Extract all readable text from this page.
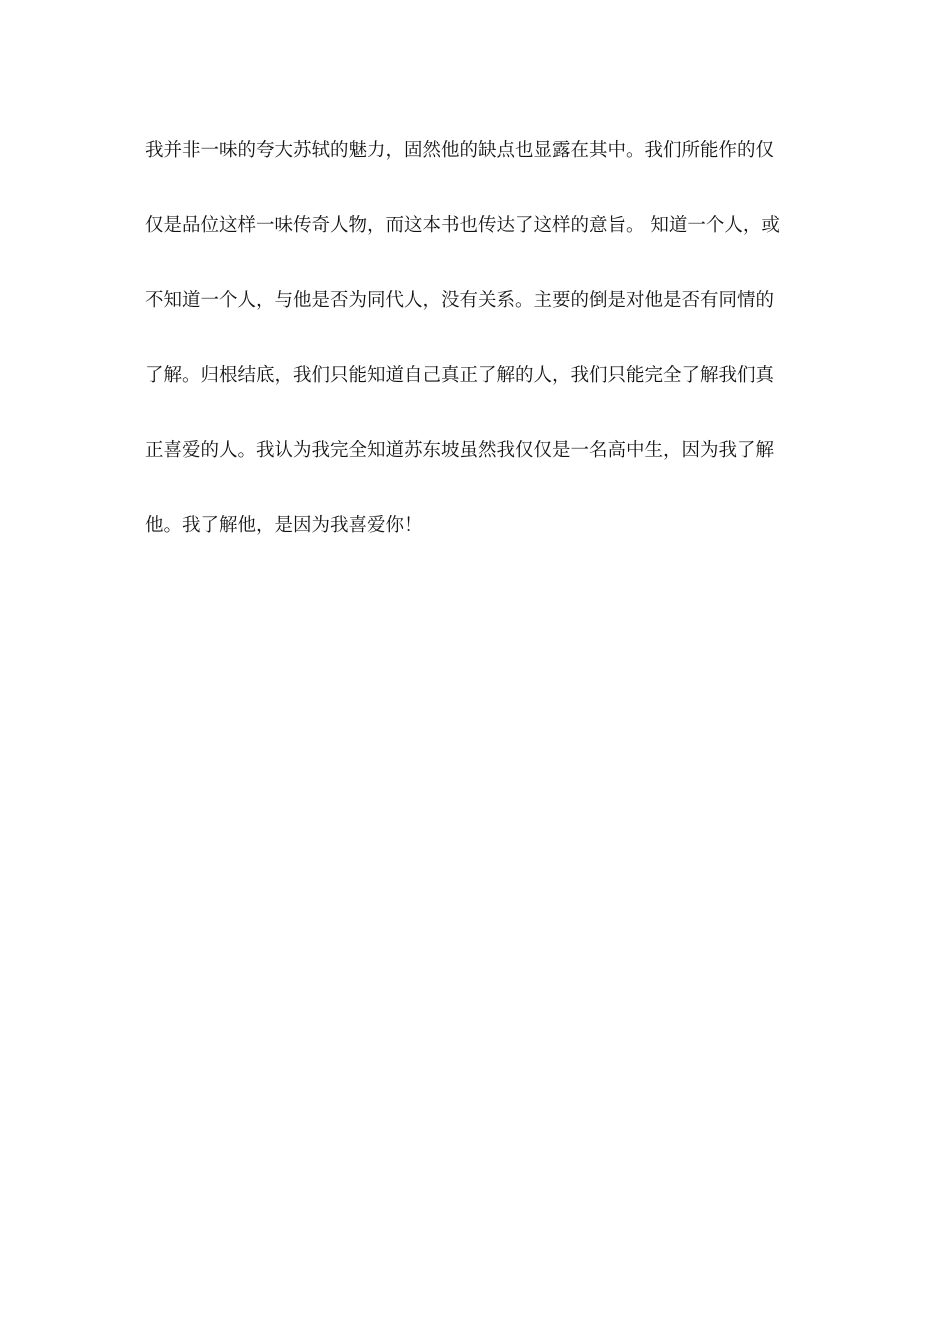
我并非一味的夸大苏轼的魅力，固然他的缺点也显露在其中。我们所能作的仅
仅是品位这样一味传奇人物，而这本书也传达了这样的意旨。 知道一个人，或
不知道一个人，与他是否为同代人，没有关系。主要的倒是对他是否有同情的
了解。归根结底，我们只能知道自己真正了解的人，我们只能完全了解我们真
正喜爱的人。我认为我完全知道苏东坡虽然我仅仅是一名高中生，因为我了解
他。我了解他，是因为我喜爱你！
